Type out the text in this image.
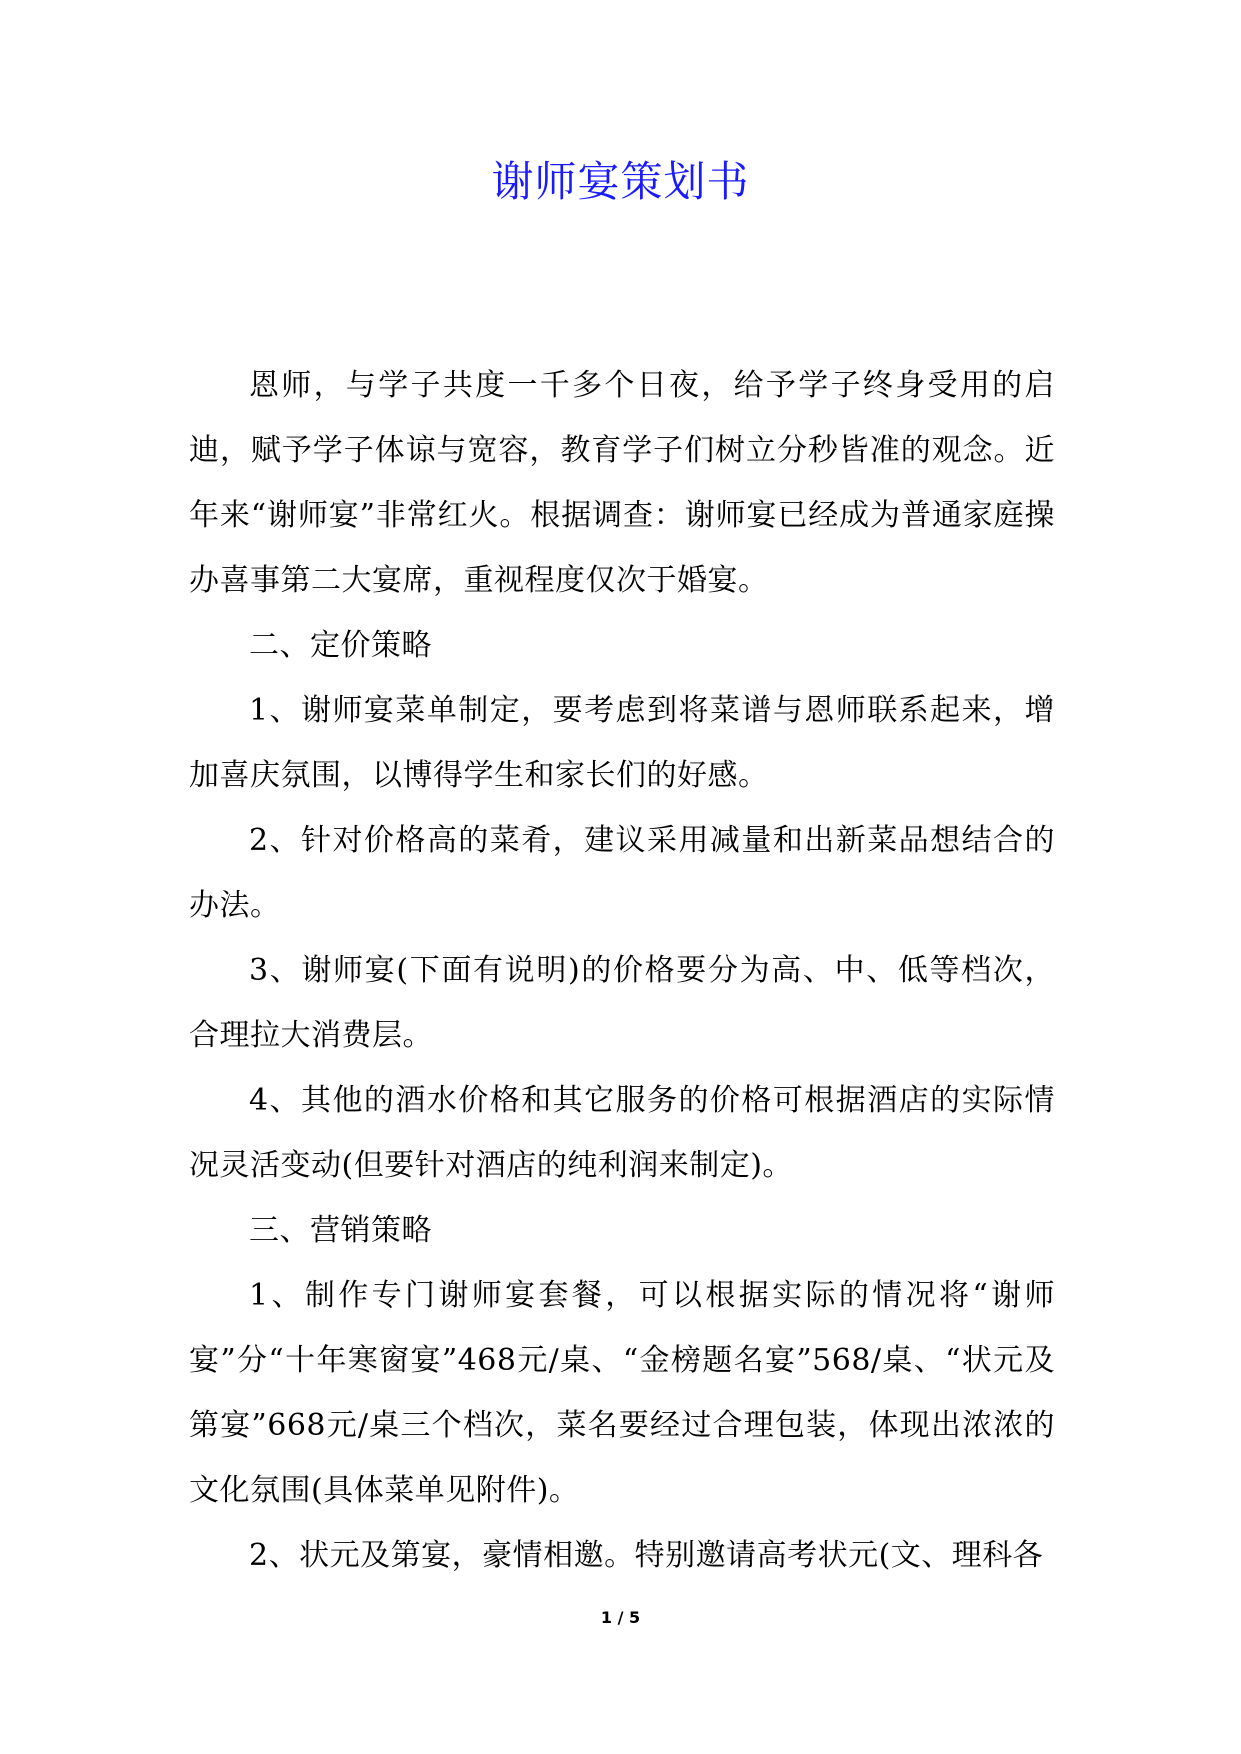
谢师宴策划书

恩师，与学子共度一千多个日夜，给予学子终身受用的启迪，赋予学子体谅与宽容，教育学子们树立分秒皆准的观念。近年来“谢师宴”非常红火。根据调查：谢师宴已经成为普通家庭操办喜事第二大宴席，重视程度仅次于婚宴。

二、定价策略

1、谢师宴菜单制定，要考虑到将菜谱与恩师联系起来，增加喜庆氛围，以博得学生和家长们的好感。

2、针对价格高的菜肴，建议采用减量和出新菜品想结合的办法。

3、谢师宴(下面有说明)的价格要分为高、中、低等档次，合理拉大消费层。

4、其他的酒水价格和其它服务的价格可根据酒店的实际情况灵活变动(但要针对酒店的纯利润来制定)。

三、营销策略

1、制作专门谢师宴套餐，可以根据实际的情况将“谢师宴”分“十年寒窗宴”468元/桌、“金榜题名宴”568/桌、“状元及第宴”668元/桌三个档次，菜名要经过合理包装，体现出浓浓的文化氛围(具体菜单见附件)。

2、状元及第宴，豪情相邀。特别邀请高考状元(文、理科各

1 / 5
